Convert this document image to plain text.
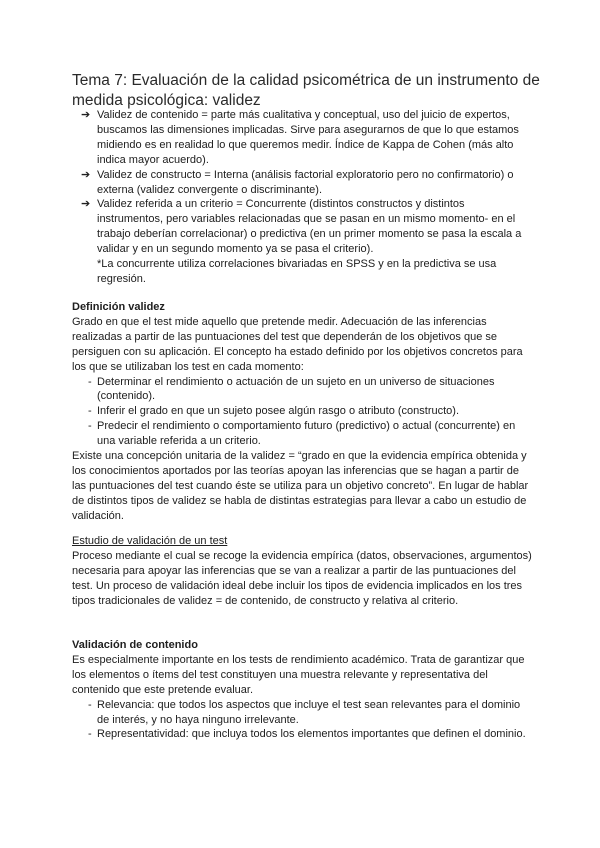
Tema 7: Evaluación de la calidad psicométrica de un instrumento de medida psicológica: validez
➔ Validez de contenido = parte más cualitativa y conceptual, uso del juicio de expertos, buscamos las dimensiones implicadas. Sirve para asegurarnos de que lo que estamos midiendo es en realidad lo que queremos medir. Índice de Kappa de Cohen (más alto indica mayor acuerdo).
➔ Validez de constructo = Interna (análisis factorial exploratorio pero no confirmatorio) o externa (validez convergente o discriminante).
➔ Validez referida a un criterio = Concurrente (distintos constructos y distintos instrumentos, pero variables relacionadas que se pasan en un mismo momento- en el trabajo deberían correlacionar) o predictiva (en un primer momento se pasa la escala a validar y en un segundo momento ya se pasa el criterio).

*La concurrente utiliza correlaciones bivariadas en SPSS y en la predictiva se usa regresión.

Definición validez

Grado en que el test mide aquello que pretende medir. Adecuación de las inferencias realizadas a partir de las puntuaciones del test que dependerán de los objetivos que se persiguen con su aplicación. El concepto ha estado definido por los objetivos concretos para los que se utilizaban los test en cada momento:

- Determinar el rendimiento o actuación de un sujeto en un universo de situaciones (contenido).
- Inferir el grado en que un sujeto posee algún rasgo o atributo (constructo).
- Predecir el rendimiento o comportamiento futuro (predictivo) o actual (concurrente) en una variable referida a un criterio.

Existe una concepción unitaria de la validez = “grado en que la evidencia empírica obtenida y los conocimientos aportados por las teorías apoyan las inferencias que se hagan a partir de las puntuaciones del test cuando éste se utiliza para un objetivo concreto”. En lugar de hablar de distintos tipos de validez se habla de distintas estrategias para llevar a cabo un estudio de validación.

Estudio de validación de un test

Proceso mediante el cual se recoge la evidencia empírica (datos, observaciones, argumentos) necesaria para apoyar las inferencias que se van a realizar a partir de las puntuaciones del test. Un proceso de validación ideal debe incluir los tipos de evidencia implicados en los tres tipos tradicionales de validez = de contenido, de constructo y relativa al criterio.

Validación de contenido

Es especialmente importante en los tests de rendimiento académico. Trata de garantizar que los elementos o ítems del test constituyen una muestra relevante y representativa del contenido que este pretende evaluar.

- Relevancia: que todos los aspectos que incluye el test sean relevantes para el dominio de interés, y no haya ninguno irrelevante.
- Representatividad: que incluya todos los elementos importantes que definen el dominio.
